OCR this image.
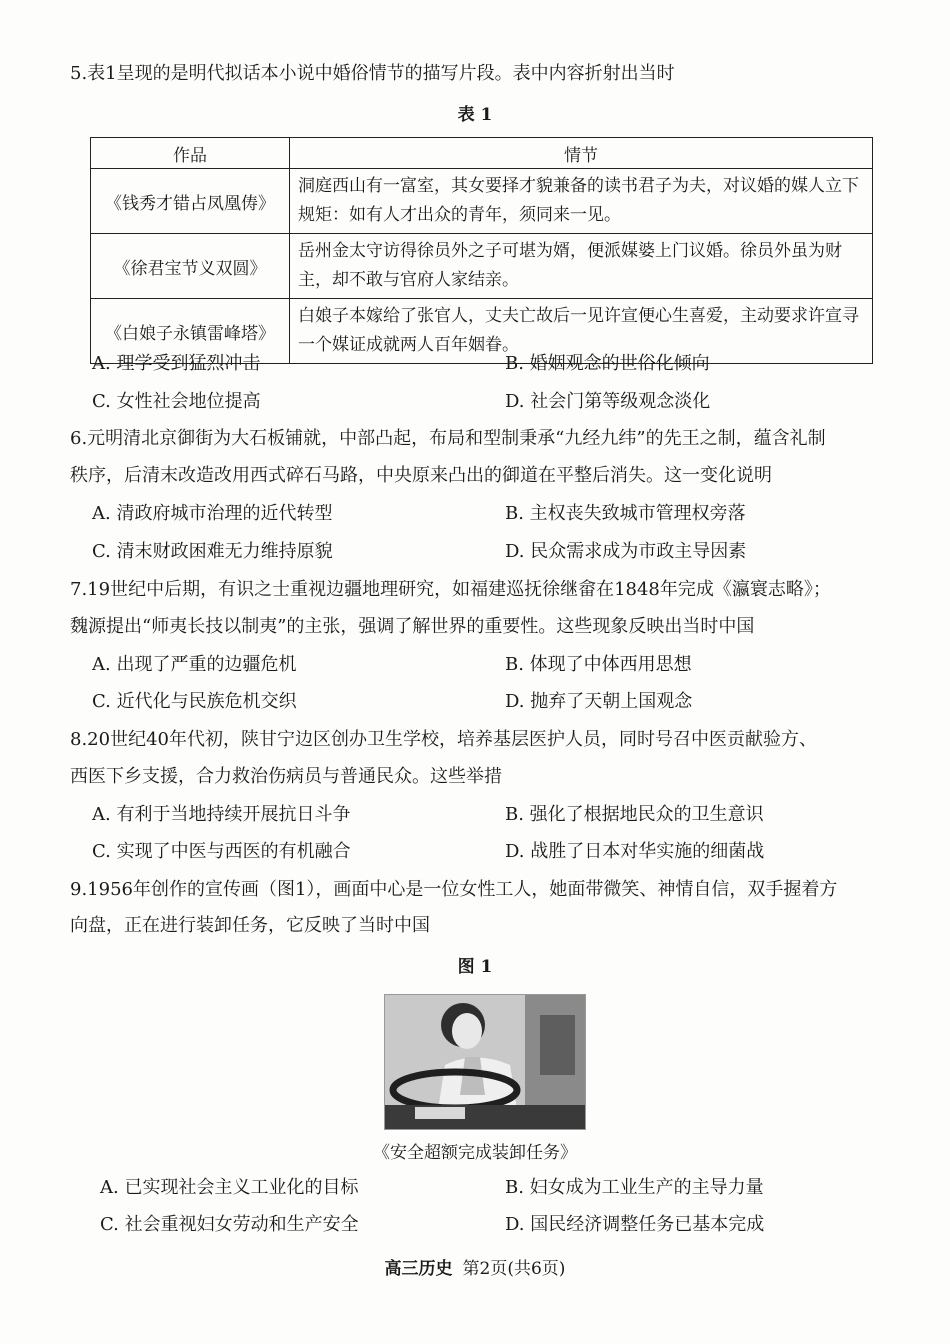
5.表1呈现的是明代拟话本小说中婚俗情节的描写片段。表中内容折射出当时
表 1
作品	情节
《钱秀才错占凤凰俦》	洞庭西山有一富室，其女要择才貌兼备的读书君子为夫，对议婚的媒人立下规矩：如有人才出众的青年，须同来一见。
《徐君宝节义双圆》	岳州金太守访得徐员外之子可堪为婿，便派媒婆上门议婚。徐员外虽为财主，却不敢与官府人家结亲。
《白娘子永镇雷峰塔》	白娘子本嫁给了张官人，丈夫亡故后一见许宣便心生喜爱，主动要求许宣寻一个媒证成就两人百年姻眷。
A. 理学受到猛烈冲击	B. 婚姻观念的世俗化倾向
C. 女性社会地位提高	D. 社会门第等级观念淡化
6.元明清北京御街为大石板铺就，中部凸起，布局和型制秉承“九经九纬”的先王之制，蕴含礼制
秩序，后清末改造改用西式碎石马路，中央原来凸出的御道在平整后消失。这一变化说明
A. 清政府城市治理的近代转型	B. 主权丧失致城市管理权旁落
C. 清末财政困难无力维持原貌	D. 民众需求成为市政主导因素
7.19世纪中后期，有识之士重视边疆地理研究，如福建巡抚徐继畲在1848年完成《瀛寰志略》；
魏源提出“师夷长技以制夷”的主张，强调了解世界的重要性。这些现象反映出当时中国
A. 出现了严重的边疆危机	B. 体现了中体西用思想
C. 近代化与民族危机交织	D. 抛弃了天朝上国观念
8.20世纪40年代初，陕甘宁边区创办卫生学校，培养基层医护人员，同时号召中医贡献验方、
西医下乡支援，合力救治伤病员与普通民众。这些举措
A. 有利于当地持续开展抗日斗争	B. 强化了根据地民众的卫生意识
C. 实现了中医与西医的有机融合	D. 战胜了日本对华实施的细菌战
9.1956年创作的宣传画（图1），画面中心是一位女性工人，她面带微笑、神情自信，双手握着方
向盘，正在进行装卸任务，它反映了当时中国
图 1
《安全超额完成装卸任务》
A. 已实现社会主义工业化的目标	B. 妇女成为工业生产的主导力量
C. 社会重视妇女劳动和生产安全	D. 国民经济调整任务已基本完成
高三历史 第2页(共6页)
